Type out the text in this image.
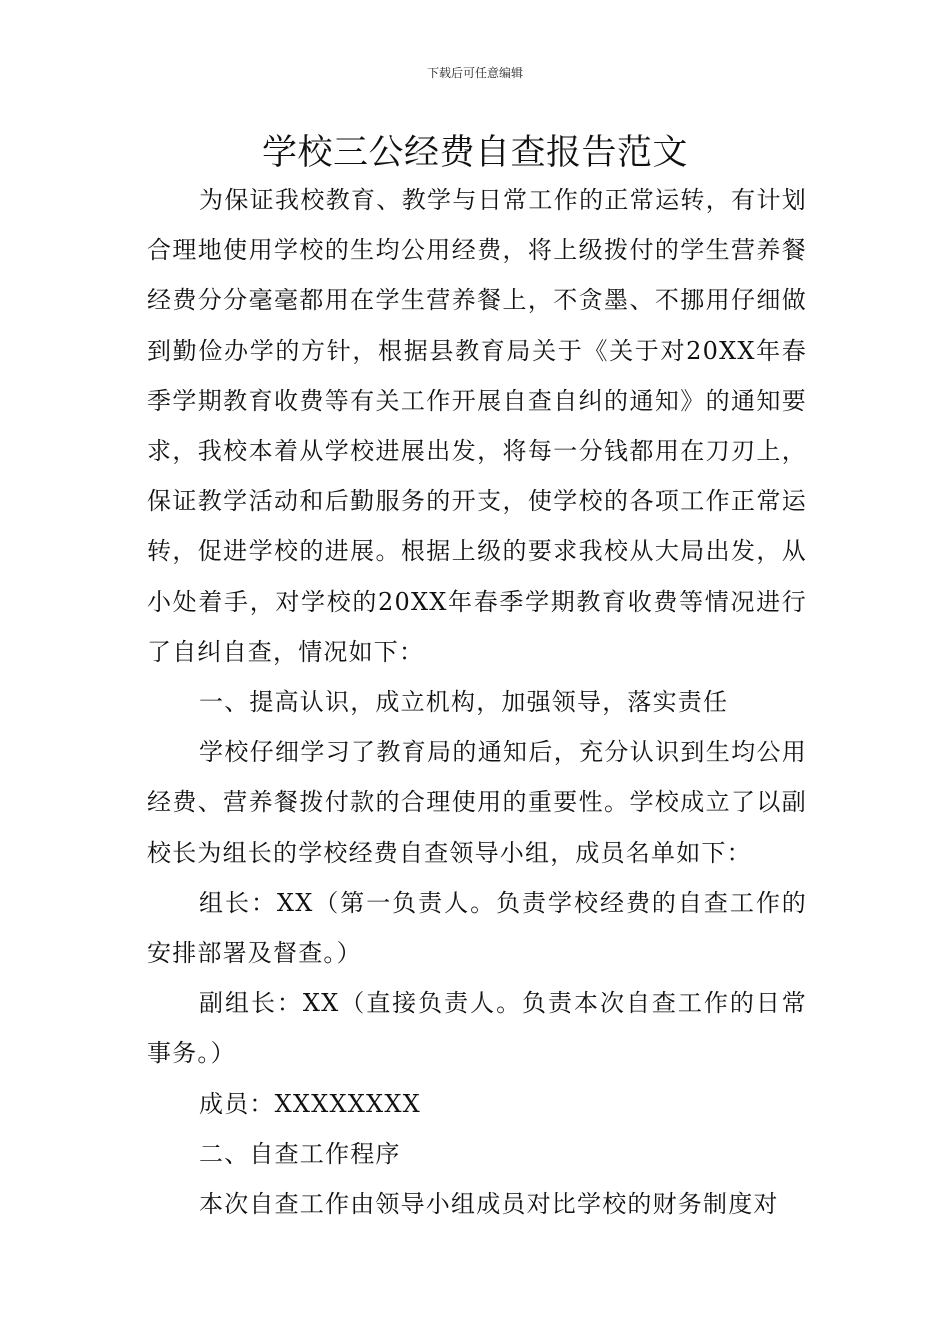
下载后可任意编辑
学校三公经费自查报告范文

为保证我校教育、教学与日常工作的正常运转，有计划合理地使用学校的生均公用经费，将上级拨付的学生营养餐经费分分毫毫都用在学生营养餐上，不贪墨、不挪用仔细做到勤俭办学的方针，根据县教育局关于《关于对20XX年春季学期教育收费等有关工作开展自查自纠的通知》的通知要求，我校本着从学校进展出发，将每一分钱都用在刀刃上，保证教学活动和后勤服务的开支，使学校的各项工作正常运转，促进学校的进展。根据上级的要求我校从大局出发，从小处着手，对学校的20XX年春季学期教育收费等情况进行了自纠自查，情况如下：

一、提高认识，成立机构，加强领导，落实责任

学校仔细学习了教育局的通知后，充分认识到生均公用经费、营养餐拨付款的合理使用的重要性。学校成立了以副校长为组长的学校经费自查领导小组，成员名单如下：

组长：XX（第一负责人。负责学校经费的自查工作的安排部署及督查。）

副组长：XX（直接负责人。负责本次自查工作的日常事务。）

成员：XXXXXXXX

二、自查工作程序

本次自查工作由领导小组成员对比学校的财务制度对
